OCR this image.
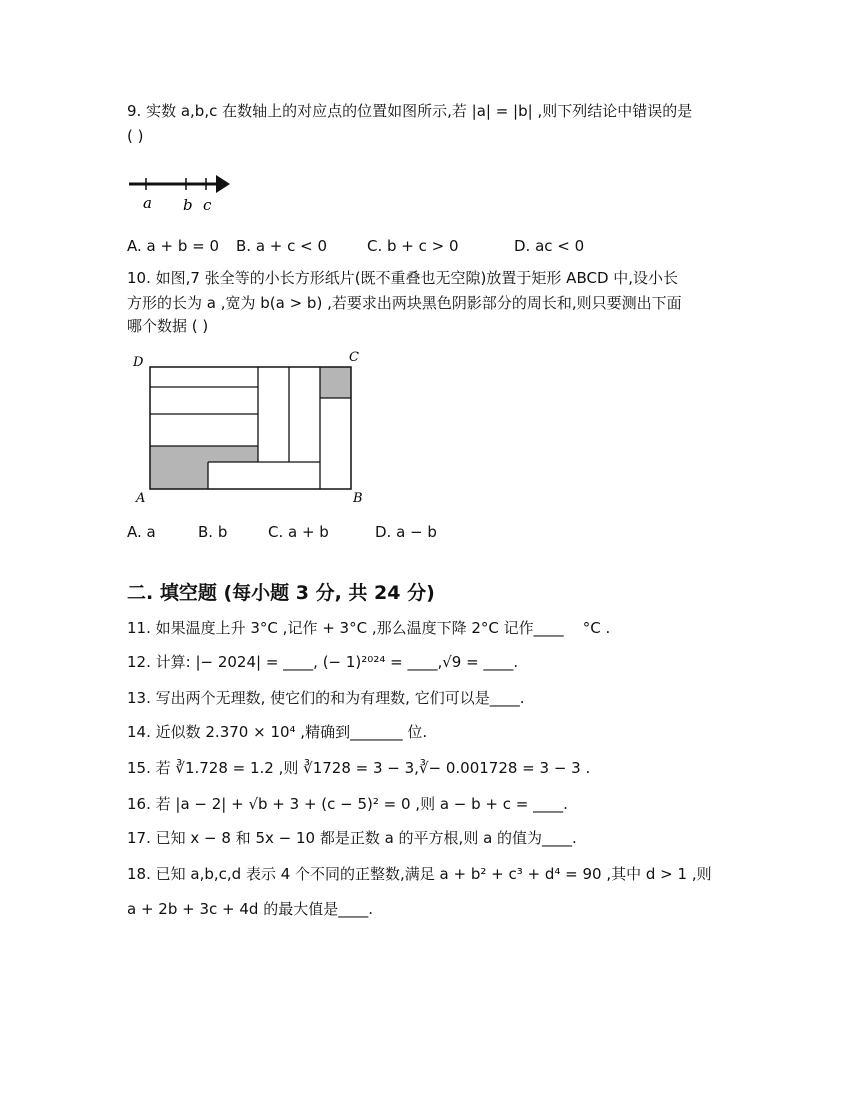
9. 实数 a,b,c 在数轴上的对应点的位置如图所示,若 |a| = |b| ,则下列结论中错误的是
( )
a b c
A. a + b = 0 B. a + c < 0	C. b + c > 0	D. ac < 0
10. 如图,7 张全等的小长方形纸片(既不重叠也无空隙)放置于矩形 ABCD 中,设小长
方形的长为 a ,宽为 b(a > b) ,若要求出两块黑色阴影部分的周长和,则只要测出下面
哪个数据 ( )
D	C
A	B
A. a	B. b	C. a + b	D. a − b
二. 填空题 (每小题 3 分, 共 24 分)
11. 如果温度上升 3°C ,记作 + 3°C ,那么温度下降 2°C 记作____    °C .
12. 计算: |− 2024| = ____, (− 1)²⁰²⁴ = ____,√9 = ____.
13. 写出两个无理数, 使它们的和为有理数, 它们可以是____.
14. 近似数 2.370 × 10⁴ ,精确到_______ 位.
15. 若 ∛1.728 = 1.2 ,则 ∛1728 = 3 − 3,∛− 0.001728 = 3 − 3 .
16. 若 |a − 2| + √b + 3 + (c − 5)² = 0 ,则 a − b + c = ____.
17. 已知 x − 8 和 5x − 10 都是正数 a 的平方根,则 a 的值为____.
18. 已知 a,b,c,d 表示 4 个不同的正整数,满足 a + b² + c³ + d⁴ = 90 ,其中 d > 1 ,则
a + 2b + 3c + 4d 的最大值是____.
